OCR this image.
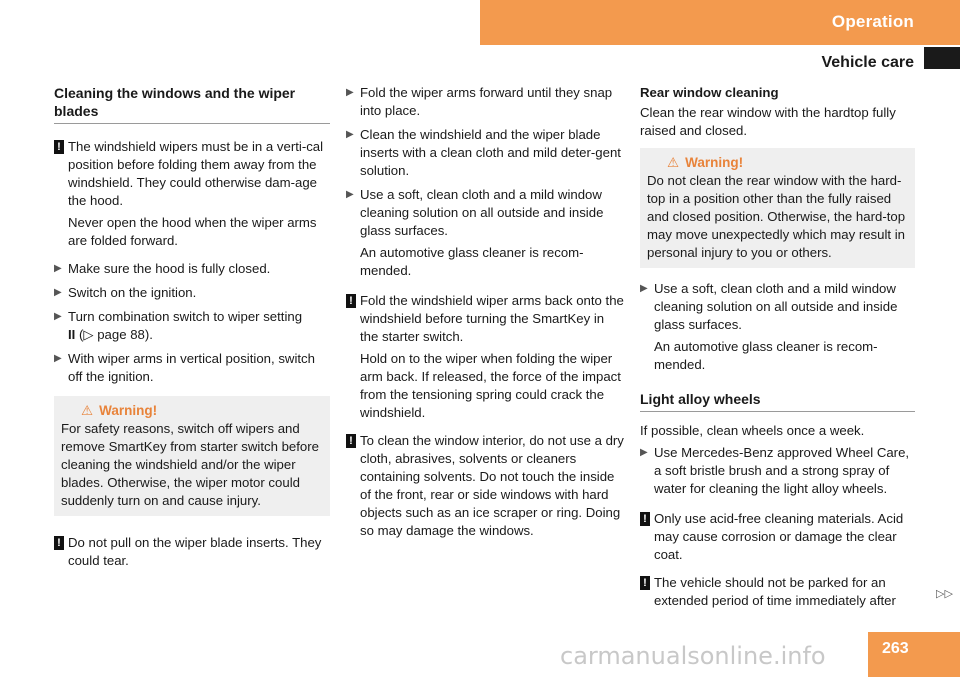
Operation
Vehicle care

Cleaning the windows and the wiper blades

! The windshield wipers must be in a verti-cal position before folding them away from the windshield. They could otherwise dam-age the hood.

Never open the hood when the wiper arms are folded forward.

▶ Make sure the hood is fully closed.

▶ Switch on the ignition.

▶ Turn combination switch to wiper setting
II (▷ page 88).

▶ With wiper arms in vertical position, switch off the ignition.

⚠ Warning!

For safety reasons, switch off wipers and remove SmartKey from starter switch before cleaning the windshield and/or the wiper blades. Otherwise, the wiper motor could suddenly turn on and cause injury.

! Do not pull on the wiper blade inserts. They could tear.

▶ Fold the wiper arms forward until they snap into place.

▶ Clean the windshield and the wiper blade inserts with a clean cloth and mild deter-gent solution.

▶ Use a soft, clean cloth and a mild window cleaning solution on all outside and inside glass surfaces.

An automotive glass cleaner is recom-mended.

! Fold the windshield wiper arms back onto the windshield before turning the SmartKey in the starter switch.

Hold on to the wiper when folding the wiper arm back. If released, the force of the impact from the tensioning spring could crack the windshield.

! To clean the window interior, do not use a dry cloth, abrasives, solvents or cleaners containing solvents. Do not touch the inside of the front, rear or side windows with hard objects such as an ice scraper or ring. Doing so may damage the windows.

Rear window cleaning

Clean the rear window with the hardtop fully raised and closed.

⚠ Warning!

Do not clean the rear window with the hard-top in a position other than the fully raised and closed position. Otherwise, the hard-top may move unexpectedly which may result in personal injury to you or others.

▶ Use a soft, clean cloth and a mild window cleaning solution on all outside and inside glass surfaces.

An automotive glass cleaner is recom-mended.

Light alloy wheels

If possible, clean wheels once a week.

▶ Use Mercedes-Benz approved Wheel Care, a soft bristle brush and a strong spray of water for cleaning the light alloy wheels.

! Only use acid-free cleaning materials. Acid may cause corrosion or damage the clear coat.

! The vehicle should not be parked for an extended period of time immediately after	▷▷
carmanualsonline.info	263
